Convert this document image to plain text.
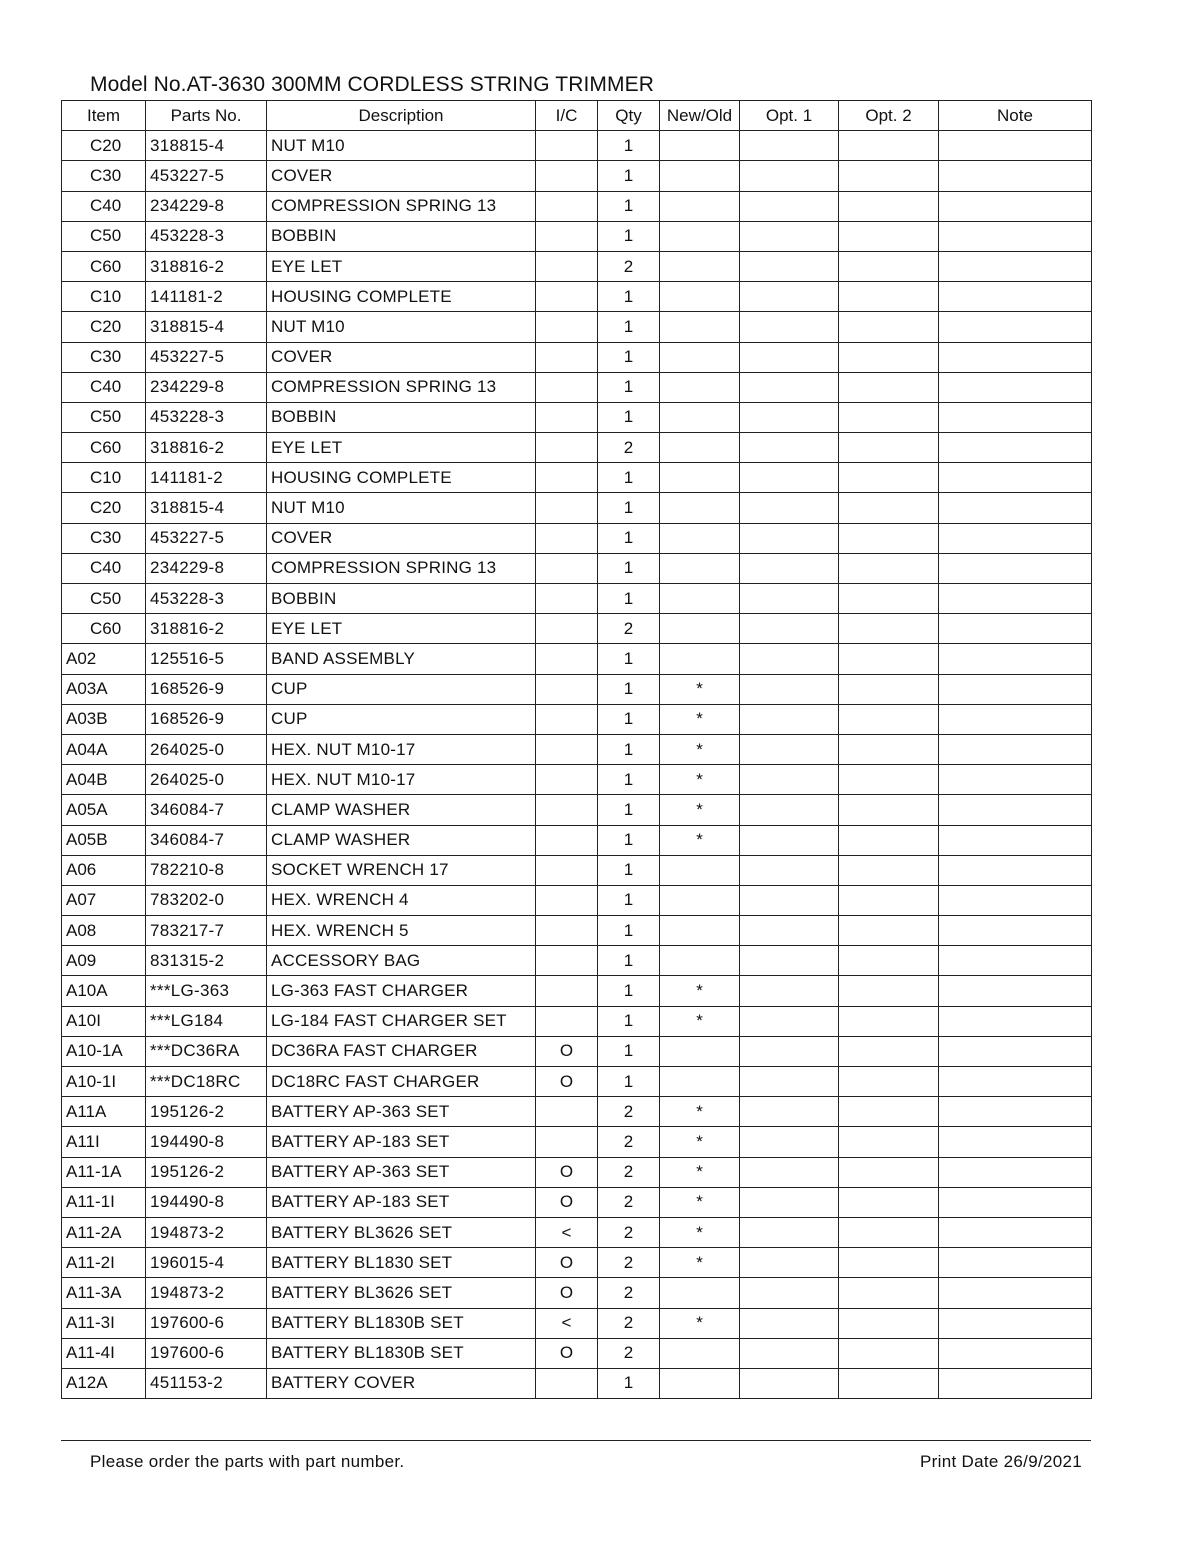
Model No.AT-3630 300MM CORDLESS STRING TRIMMER
Item	Parts No.	Description	I/C	Qty	New/Old	Opt. 1	Opt. 2	Note
C20	318815-4	NUT M10		1				
C30	453227-5	COVER		1				
C40	234229-8	COMPRESSION SPRING 13		1				
C50	453228-3	BOBBIN		1				
C60	318816-2	EYE LET		2				
C10	141181-2	HOUSING COMPLETE		1				
C20	318815-4	NUT M10		1				
C30	453227-5	COVER		1				
C40	234229-8	COMPRESSION SPRING 13		1				
C50	453228-3	BOBBIN		1				
C60	318816-2	EYE LET		2				
C10	141181-2	HOUSING COMPLETE		1				
C20	318815-4	NUT M10		1				
C30	453227-5	COVER		1				
C40	234229-8	COMPRESSION SPRING 13		1				
C50	453228-3	BOBBIN		1				
C60	318816-2	EYE LET		2				
A02	125516-5	BAND ASSEMBLY		1				
A03A	168526-9	CUP		1	*			
A03B	168526-9	CUP		1	*			
A04A	264025-0	HEX. NUT M10-17		1	*			
A04B	264025-0	HEX. NUT M10-17		1	*			
A05A	346084-7	CLAMP WASHER		1	*			
A05B	346084-7	CLAMP WASHER		1	*			
A06	782210-8	SOCKET WRENCH 17		1				
A07	783202-0	HEX. WRENCH 4		1				
A08	783217-7	HEX. WRENCH 5		1				
A09	831315-2	ACCESSORY BAG		1				
A10A	***LG-363	LG-363 FAST CHARGER		1	*			
A10I	***LG184	LG-184 FAST CHARGER SET		1	*			
A10-1A	***DC36RA	DC36RA FAST CHARGER	O	1				
A10-1I	***DC18RC	DC18RC FAST CHARGER	O	1				
A11A	195126-2	BATTERY AP-363 SET		2	*			
A11I	194490-8	BATTERY AP-183 SET		2	*			
A11-1A	195126-2	BATTERY AP-363 SET	O	2	*			
A11-1I	194490-8	BATTERY AP-183 SET	O	2	*			
A11-2A	194873-2	BATTERY BL3626 SET	<	2	*			
A11-2I	196015-4	BATTERY BL1830 SET	O	2	*			
A11-3A	194873-2	BATTERY BL3626 SET	O	2				
A11-3I	197600-6	BATTERY BL1830B SET	<	2	*			
A11-4I	197600-6	BATTERY BL1830B SET	O	2				
A12A	451153-2	BATTERY COVER		1				
Please order the parts with part number.	Print Date 26/9/2021
